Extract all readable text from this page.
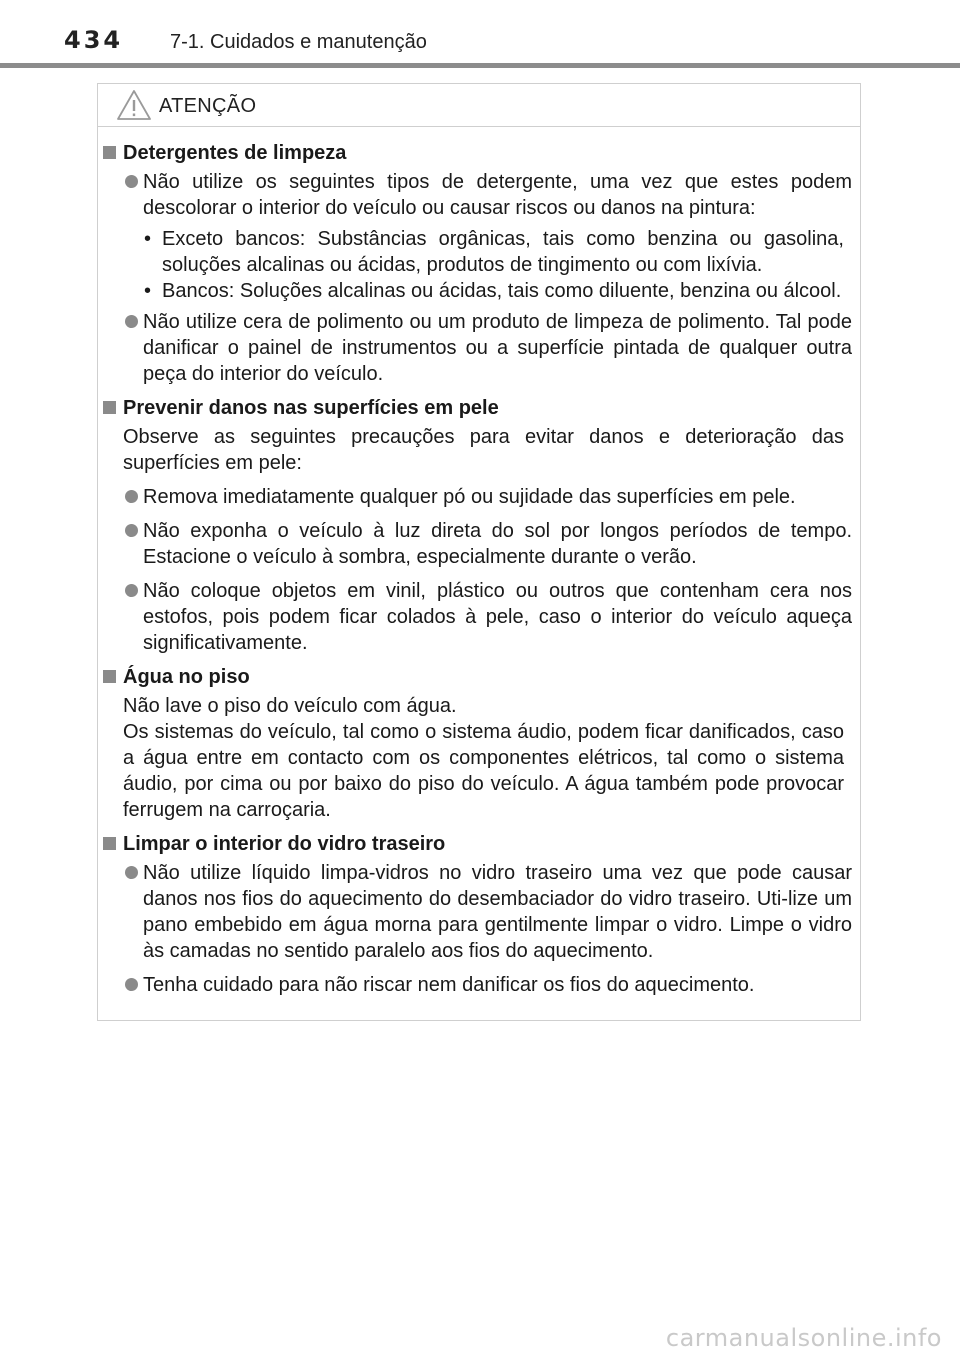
434 7-1. Cuidados e manutenção
ATENÇÃO
Detergentes de limpeza
Não utilize os seguintes tipos de detergente, uma vez que estes podem descolorar o interior do veículo ou causar riscos ou danos na pintura:
• Exceto bancos: Substâncias orgânicas, tais como benzina ou gasolina, soluções alcalinas ou ácidas, produtos de tingimento ou com lixívia.
• Bancos: Soluções alcalinas ou ácidas, tais como diluente, benzina ou álcool.
Não utilize cera de polimento ou um produto de limpeza de polimento. Tal pode danificar o painel de instrumentos ou a superfície pintada de qualquer outra peça do interior do veículo.
Prevenir danos nas superfícies em pele
Observe as seguintes precauções para evitar danos e deterioração das superfícies em pele:
Remova imediatamente qualquer pó ou sujidade das superfícies em pele.
Não exponha o veículo à luz direta do sol por longos períodos de tempo. Estacione o veículo à sombra, especialmente durante o verão.
Não coloque objetos em vinil, plástico ou outros que contenham cera nos estofos, pois podem ficar colados à pele, caso o interior do veículo aqueça significativamente.
Água no piso
Não lave o piso do veículo com água.
Os sistemas do veículo, tal como o sistema áudio, podem ficar danificados, caso a água entre em contacto com os componentes elétricos, tal como o sistema áudio, por cima ou por baixo do piso do veículo. A água também pode provocar ferrugem na carroçaria.
Limpar o interior do vidro traseiro
Não utilize líquido limpa-vidros no vidro traseiro uma vez que pode causar danos nos fios do aquecimento do desembaciador do vidro traseiro. Uti-lize um pano embebido em água morna para gentilmente limpar o vidro. Limpe o vidro às camadas no sentido paralelo aos fios do aquecimento.
Tenha cuidado para não riscar nem danificar os fios do aquecimento.
carmanualsonline.info
